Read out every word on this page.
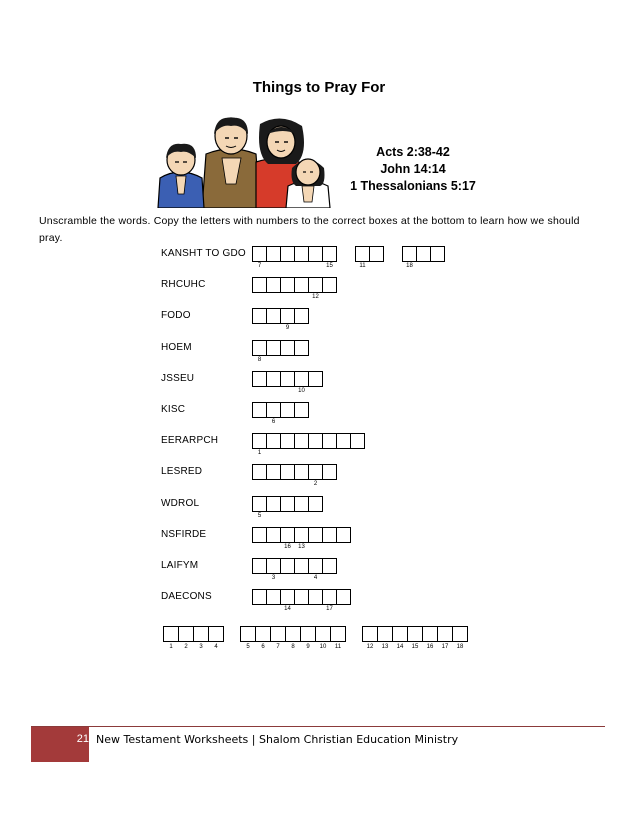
Things to Pray For
Acts 2:38-42
John 14:14
1 Thessalonians 5:17
Unscramble the words. Copy the letters with numbers to the correct boxes at the bottom to learn how we should pray.
KANSHT TO GDO
7	15	11	18
RHCUHC
12
FODO
9
HOEM
8
JSSEU
10
KISC
6
EERARPCH
1
LESRED
2
WDROL
5
NSFIRDE
16 13
LAIFYM
3	4
DAECONS
14	17
1 2 3 4	5 6 7 8 9 10 11	12 13 14 15 16 17 18
21 New Testament Worksheets | Shalom Christian Education Ministry
